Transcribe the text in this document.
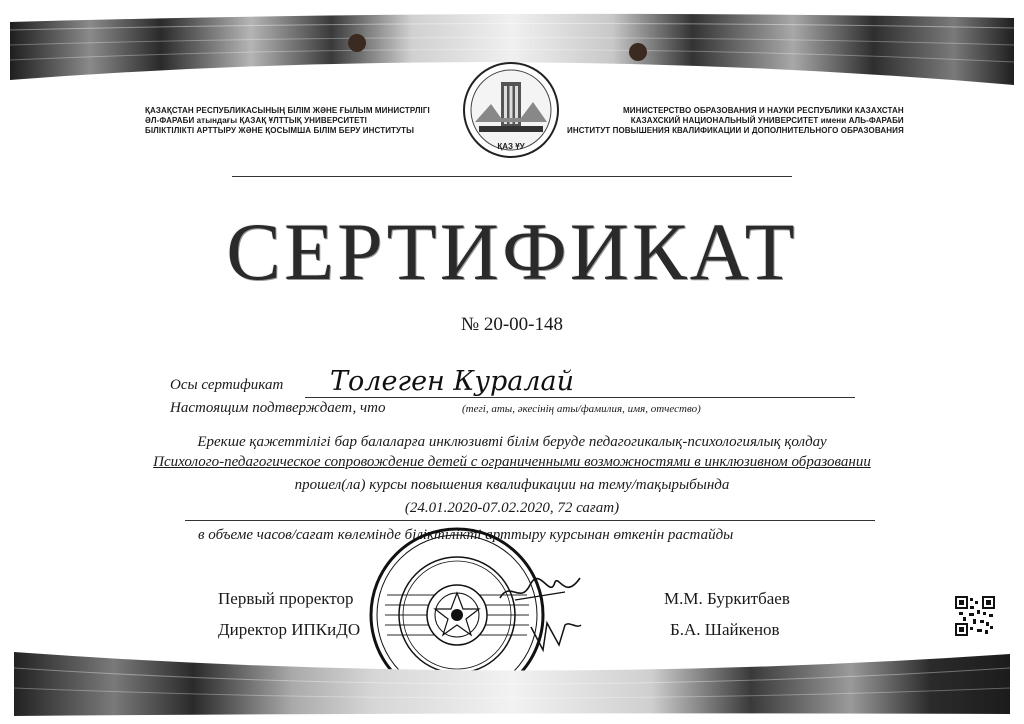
ҚАЗАҚСТАН РЕСПУБЛИКАСЫНЫҢ БІЛІМ ЖӘНЕ ҒЫЛЫМ МИНИСТРЛІГІ
ӘЛ-ФАРАБИ атындағы ҚАЗАҚ ҰЛТТЫҚ УНИВЕРСИТЕТІ
БІЛІКТІЛІКТІ АРТТЫРУ ЖӘНЕ ҚОСЫМША БІЛІМ БЕРУ ИНСТИТУТЫ
МИНИСТЕРСТВО ОБРАЗОВАНИЯ И НАУКИ РЕСПУБЛИКИ КАЗАХСТАН
КАЗАХСКИЙ НАЦИОНАЛЬНЫЙ УНИВЕРСИТЕТ имени АЛЬ-ФАРАБИ
ИНСТИТУТ ПОВЫШЕНИЯ КВАЛИФИКАЦИИ И ДОПОЛНИТЕЛЬНОГО ОБРАЗОВАНИЯ
ҚАЗ ҰУ
СЕРТИФИКАТ
№ 20-00-148
Осы сертификат Толеген Куралай
Настоящим подтверждает, что	(тегі, аты, әкесінің аты/фамилия, имя, отчество)
Ерекше қажеттілігі бар балаларға инклюзивті білім беруде педагогикалық-психологиялық қолдау
Психолого-педагогическое сопровождение детей с ограниченными возможностями в инклюзивном образовании
прошел(ла) курсы повышения квалификации на тему/тақырыбында
(24.01.2020-07.02.2020, 72 сағат)
в объеме часов/сағат көлемінде біліктілікті арттыру курсынан өткенін растайды
Первый проректор	М.М. Буркитбаев
Директор ИПКиДО	Б.А. Шайкенов
